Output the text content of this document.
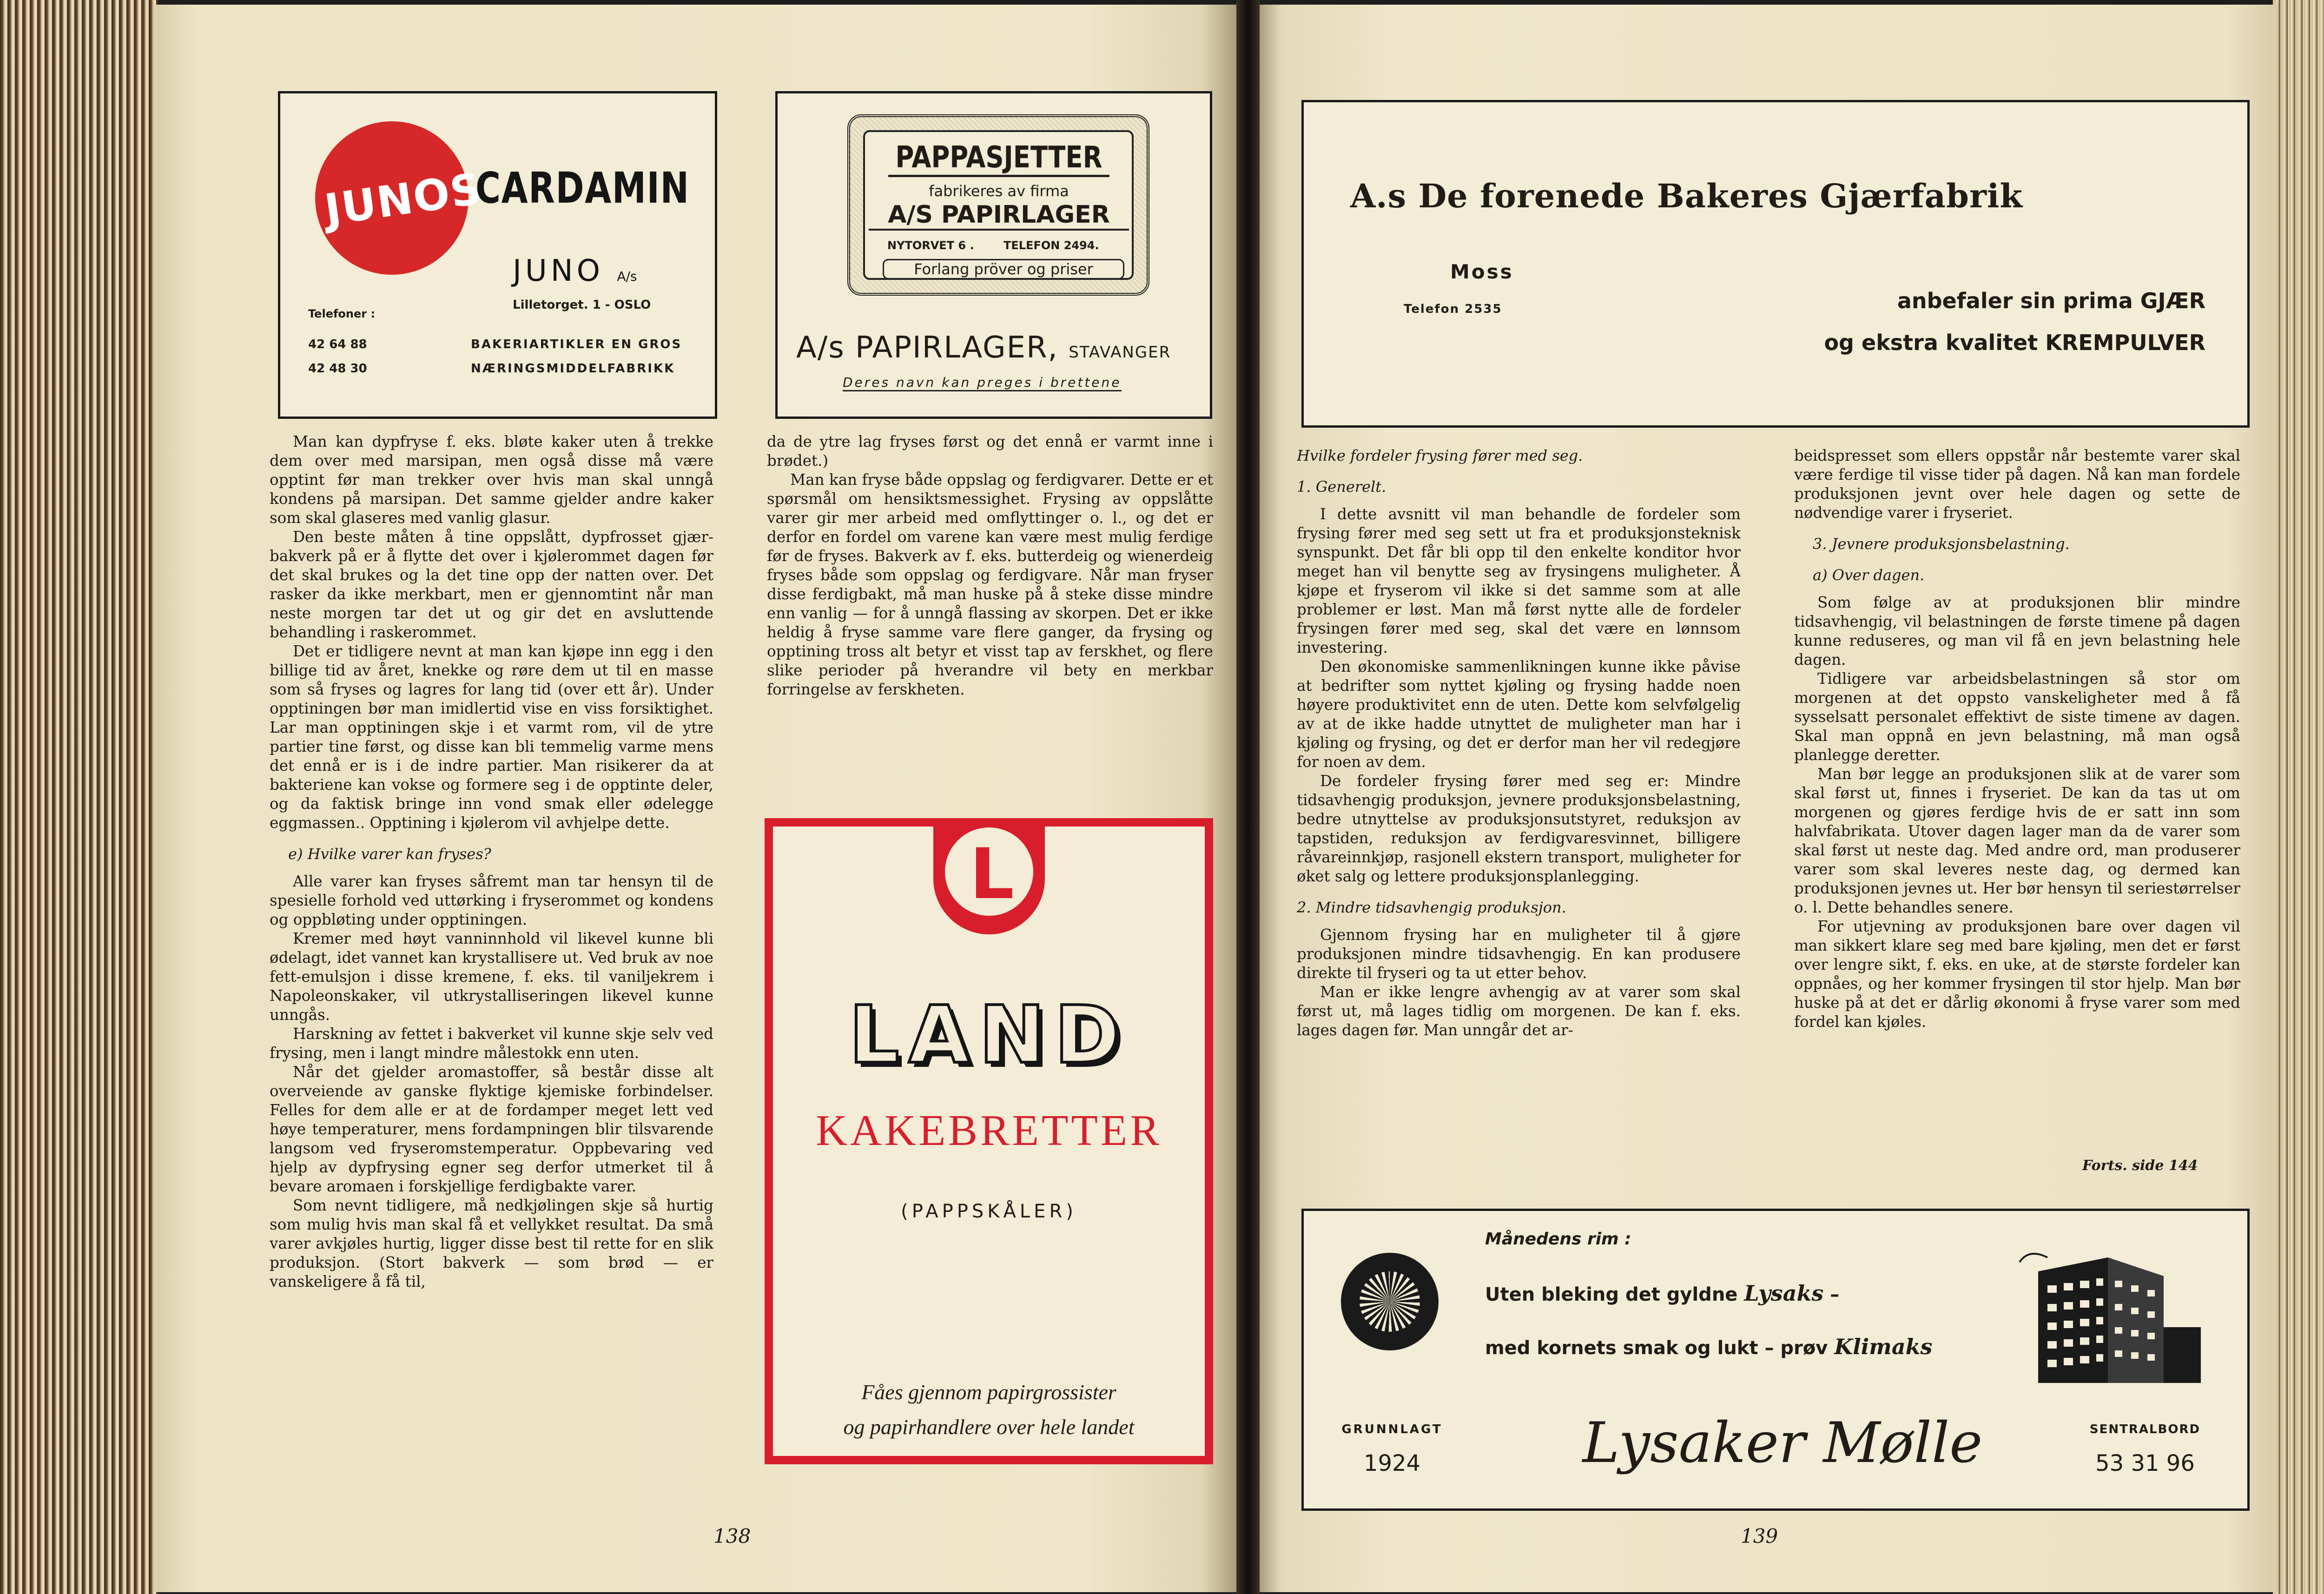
JUNOS
CARDAMIN
JUNO A/s
Lilletorget. 1 - OSLO
Telefoner :
42 64 88
42 48 30
BAKERIARTIKLER EN GROS
NÆRINGSMIDDELFABRIKK
PAPPASJETTER
fabrikeres av firma
A/S PAPIRLAGER
NYTORVET 6 .	TELEFON 2494.
Forlang pröver og priser
A/s PAPIRLAGER, STAVANGER
Deres navn kan preges i brettene

Man kan dypfryse f. eks. bløte kaker uten å trekke dem over med marsipan, men også disse må være opptint før man trekker over hvis man skal unngå kondens på marsipan. Det samme gjelder andre kaker som skal glaseres med vanlig glasur.

Den beste måten å tine oppslått, dypfrosset gjær-bakverk på er å flytte det over i kjølerommet dagen før det skal brukes og la det tine opp der natten over. Det rasker da ikke merkbart, men er gjennomtint når man neste morgen tar det ut og gir det en avsluttende behandling i raskerommet.

Det er tidligere nevnt at man kan kjøpe inn egg i den billige tid av året, knekke og røre dem ut til en masse som så fryses og lagres for lang tid (over ett år). Under opptiningen bør man imidlertid vise en viss forsiktighet. Lar man opptiningen skje i et varmt rom, vil de ytre partier tine først, og disse kan bli temmelig varme mens det ennå er is i de indre partier. Man risikerer da at bakteriene kan vokse og formere seg i de opptinte deler, og da faktisk bringe inn vond smak eller ødelegge eggmassen.. Opptining i kjølerom vil avhjelpe dette.

e) Hvilke varer kan fryses?

Alle varer kan fryses såfremt man tar hensyn til de spesielle forhold ved uttørking i fryserommet og kondens og oppbløting under opptiningen.

Kremer med høyt vanninnhold vil likevel kunne bli ødelagt, idet vannet kan krystallisere ut. Ved bruk av noe fett-emulsjon i disse kremene, f. eks. til vaniljekrem i Napoleonskaker, vil utkrystalliseringen likevel kunne unngås.

Harskning av fettet i bakverket vil kunne skje selv ved frysing, men i langt mindre målestokk enn uten.

Når det gjelder aromastoffer, så består disse alt overveiende av ganske flyktige kjemiske forbindelser. Felles for dem alle er at de fordamper meget lett ved høye temperaturer, mens fordampningen blir tilsvarende langsom ved fryseromstemperatur. Oppbevaring ved hjelp av dypfrysing egner seg derfor utmerket til å bevare aromaen i forskjellige ferdigbakte varer.

Som nevnt tidligere, må nedkjølingen skje så hurtig som mulig hvis man skal få et vellykket resultat. Da små varer avkjøles hurtig, ligger disse best til rette for en slik produksjon. (Stort bakverk — som brød — er vanskeligere å få til,

da de ytre lag fryses først og det ennå er varmt inne i brødet.)

Man kan fryse både oppslag og ferdigvarer. Dette er et spørsmål om hensiktsmessighet. Frysing av oppslåtte varer gir mer arbeid med omflyttinger o. l., og det er derfor en fordel om varene kan være mest mulig ferdige før de fryses. Bakverk av f. eks. butterdeig og wienerdeig fryses både som oppslag og ferdigvare. Når man fryser disse ferdigbakt, må man huske på å steke disse mindre enn vanlig — for å unngå flassing av skorpen. Det er ikke heldig å fryse samme vare flere ganger, da frysing og opptining tross alt betyr et visst tap av ferskhet, og flere slike perioder på hverandre vil bety en merkbar forringelse av ferskheten.

L
LAND
KAKEBRETTER
(PAPPSKÅLER)
Fåes gjennom papirgrossister
og papirhandlere over hele landet
138
A.s De forenede Bakeres Gjærfabrik
Moss
Telefon 2535	anbefaler sin prima GJÆR
og ekstra kvalitet KREMPULVER
Hvilke fordeler frysing fører med seg.
1. Generelt.

I dette avsnitt vil man behandle de fordeler som frysing fører med seg sett ut fra et produksjonsteknisk synspunkt. Det får bli opp til den enkelte konditor hvor meget han vil benytte seg av frysingens muligheter. Å kjøpe et fryserom vil ikke si det samme som at alle problemer er løst. Man må først nytte alle de fordeler frysingen fører med seg, skal det være en lønnsom investering.

Den økonomiske sammenlikningen kunne ikke påvise at bedrifter som nyttet kjøling og frysing hadde noen høyere produktivitet enn de uten. Dette kom selvfølgelig av at de ikke hadde utnyttet de muligheter man har i kjøling og frysing, og det er derfor man her vil redegjøre for noen av dem.

De fordeler frysing fører med seg er: Mindre tidsavhengig produksjon, jevnere produksjonsbelastning, bedre utnyttelse av produksjonsutstyret, reduksjon av tapstiden, reduksjon av ferdigvaresvinnet, billigere råvareinnkjøp, rasjonell ekstern transport, muligheter for øket salg og lettere produksjonsplanlegging.

2. Mindre tidsavhengig produksjon.

Gjennom frysing har en muligheter til å gjøre produksjonen mindre tidsavhengig. En kan produsere direkte til fryseri og ta ut etter behov.

Man er ikke lengre avhengig av at varer som skal først ut, må lages tidlig om morgenen. De kan f. eks. lages dagen før. Man unngår det ar-

beidspresset som ellers oppstår når bestemte varer skal være ferdige til visse tider på dagen. Nå kan man fordele produksjonen jevnt over hele dagen og sette de nødvendige varer i fryseriet.

3. Jevnere produksjonsbelastning.
a) Over dagen.

Som følge av at produksjonen blir mindre tidsavhengig, vil belastningen de første timene på dagen kunne reduseres, og man vil få en jevn belastning hele dagen.

Tidligere var arbeidsbelastningen så stor om morgenen at det oppsto vanskeligheter med å få sysselsatt personalet effektivt de siste timene av dagen. Skal man oppnå en jevn belastning, må man også planlegge deretter.

Man bør legge an produksjonen slik at de varer som skal først ut, finnes i fryseriet. De kan da tas ut om morgenen og gjøres ferdige hvis de er satt inn som halvfabrikata. Utover dagen lager man da de varer som skal først ut neste dag. Med andre ord, man produserer varer som skal leveres neste dag, og dermed kan produksjonen jevnes ut. Her bør hensyn til seriestørrelser o. l. Dette behandles senere.

For utjevning av produksjonen bare over dagen vil man sikkert klare seg med bare kjøling, men det er først over lengre sikt, f. eks. en uke, at de største fordeler kan oppnåes, og her kommer frysingen til stor hjelp. Man bør huske på at det er dårlig økonomi å fryse varer som med fordel kan kjøles.

Forts. side 144
Månedens rim :
Uten bleking det gyldne Lysaks –
med kornets smak og lukt – prøv Klimaks
GRUNNLAGT
1924	Lysaker Mølle	SENTRALBORD
53 31 96
139
